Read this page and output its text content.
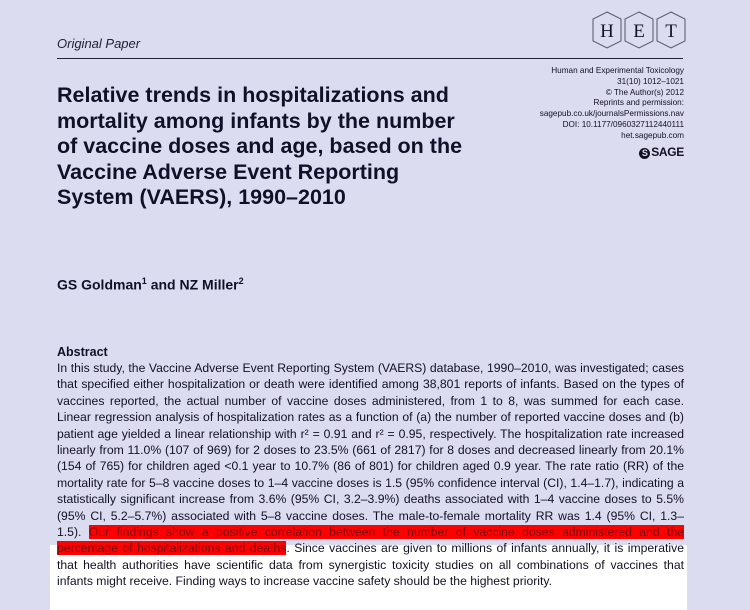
Original Paper
H E T
Human and Experimental Toxicology
31(10) 1012–1021
© The Author(s) 2012
Reprints and permission:
sagepub.co.uk/journalsPermissions.nav
DOI: 10.1177/0960327112440111
het.sagepub.com
S SAGE
Relative trends in hospitalizations and mortality among infants by the number of vaccine doses and age, based on the Vaccine Adverse Event Reporting System (VAERS), 1990–2010
GS Goldman$^1$ and NZ Miller$^2$
Abstract

In this study, the Vaccine Adverse Event Reporting System (VAERS) database, 1990–2010, was investigated; cases that specified either hospitalization or death were identified among 38,801 reports of infants. Based on the types of vaccines reported, the actual number of vaccine doses administered, from 1 to 8, was summed for each case. Linear regression analysis of hospitalization rates as a function of (a) the number of reported vaccine doses and (b) patient age yielded a linear relationship with r² = 0.91 and r² = 0.95, respectively. The hospitalization rate increased linearly from 11.0% (107 of 969) for 2 doses to 23.5% (661 of 2817) for 8 doses and decreased linearly from 20.1% (154 of 765) for children aged <0.1 year to 10.7% (86 of 801) for children aged 0.9 year. The rate ratio (RR) of the mortality rate for 5–8 vaccine doses to 1–4 vaccine doses is 1.5 (95% confidence interval (CI), 1.4–1.7), indicating a statistically significant increase from 3.6% (95% CI, 3.2–3.9%) deaths associated with 1–4 vaccine doses to 5.5% (95% CI, 5.2–5.7%) associated with 5–8 vaccine doses. The male-to-female mortality RR was 1.4 (95% CI, 1.3–1.5). Our findings show a positive correlation between the number of vaccine doses administered and the percentage of hospitalizations and deaths. Since vaccines are given to millions of infants annually, it is imperative that health authorities have scientific data from synergistic toxicity studies on all combinations of vaccines that infants might receive. Finding ways to increase vaccine safety should be the highest priority.
